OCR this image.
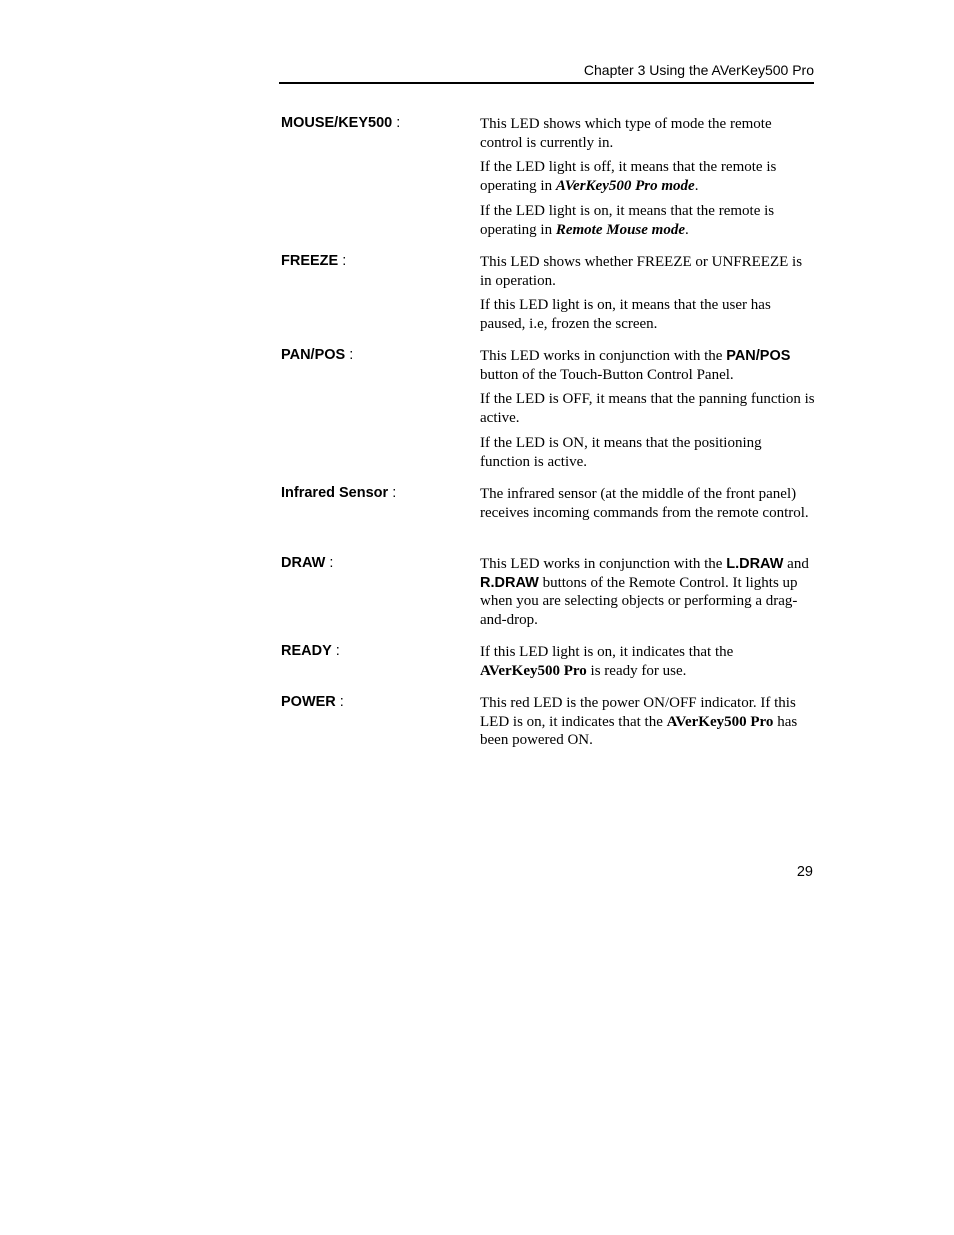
Chapter 3 Using the AVerKey500 Pro
MOUSE/KEY500 :	This LED shows which type of mode the remote control is currently in.

If the LED light is off, it means that the remote is operating in AVerKey500 Pro mode.

If the LED light is on, it means that the remote is operating in Remote Mouse mode.

FREEZE :	This LED shows whether FREEZE or UNFREEZE is in operation.

If this LED light is on, it means that the user has paused, i.e, frozen the screen.

PAN/POS :	This LED works in conjunction with the PAN/POS button of the Touch-Button Control Panel.

If the LED is OFF, it means that the panning function is active.

If the LED is ON, it means that the positioning function is active.

Infrared Sensor :	The infrared sensor (at the middle of the front panel) receives incoming commands from the remote control.

DRAW :	This LED works in conjunction with the L.DRAW and R.DRAW buttons of the Remote Control. It lights up when you are selecting objects or performing a drag-and-drop.

READY :	If this LED light is on, it indicates that the AVerKey500 Pro is ready for use.

POWER :	This red LED is the power ON/OFF indicator. If this LED is on, it indicates that the AVerKey500 Pro has been powered ON.

29
